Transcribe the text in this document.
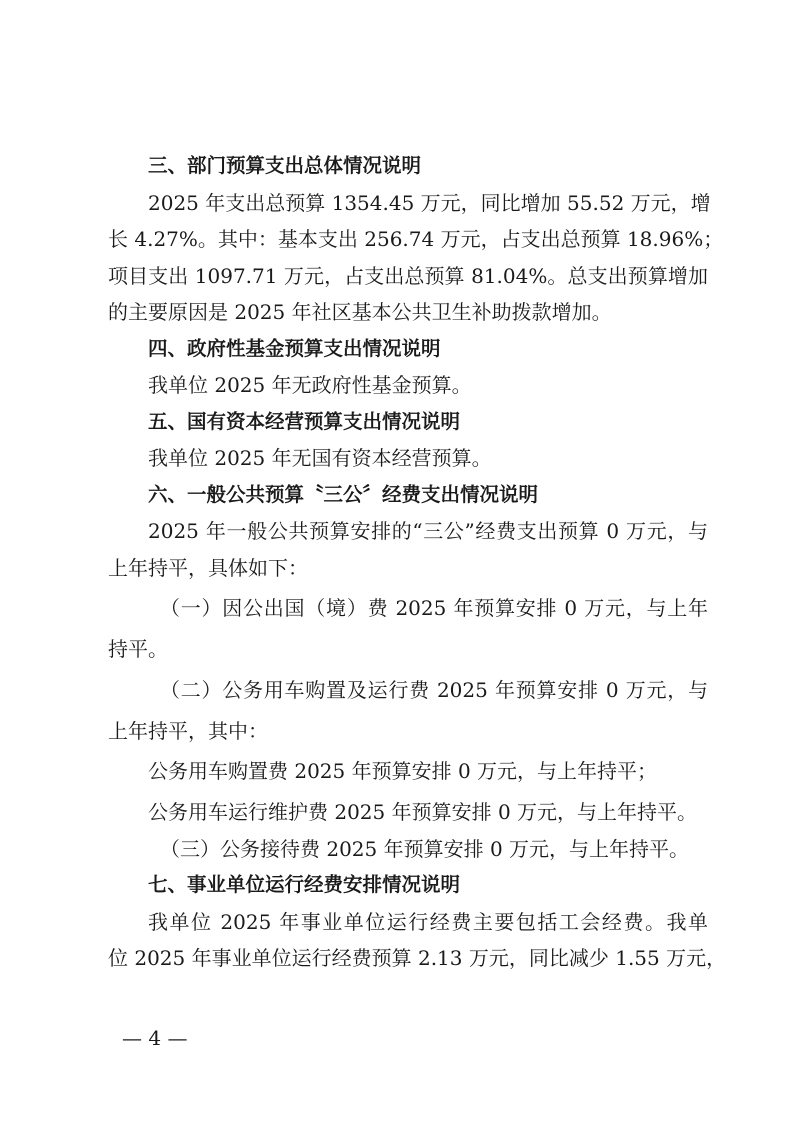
三、部门预算支出总体情况说明
2025 年支出总预算 1354.45 万元，同比增加 55.52 万元，增
长 4.27%。其中：基本支出 256.74 万元，占支出总预算 18.96%；
项目支出 1097.71 万元，占支出总预算 81.04%。总支出预算增加
的主要原因是 2025 年社区基本公共卫生补助拨款增加。
四、政府性基金预算支出情况说明
我单位 2025 年无政府性基金预算。
五、国有资本经营预算支出情况说明
我单位 2025 年无国有资本经营预算。
六、一般公共预算〝三公〞经费支出情况说明
2025 年一般公共预算安排的“三公”经费支出预算 0 万元，与
上年持平，具体如下：
（一）因公出国（境）费 2025 年预算安排 0 万元，与上年
持平。
（二）公务用车购置及运行费 2025 年预算安排 0 万元，与
上年持平，其中：
公务用车购置费 2025 年预算安排 0 万元，与上年持平；
公务用车运行维护费 2025 年预算安排 0 万元，与上年持平。
（三）公务接待费 2025 年预算安排 0 万元，与上年持平。
七、事业单位运行经费安排情况说明
我单位 2025 年事业单位运行经费主要包括工会经费。我单
位 2025 年事业单位运行经费预算 2.13 万元，同比减少 1.55 万元，
— 4 —
